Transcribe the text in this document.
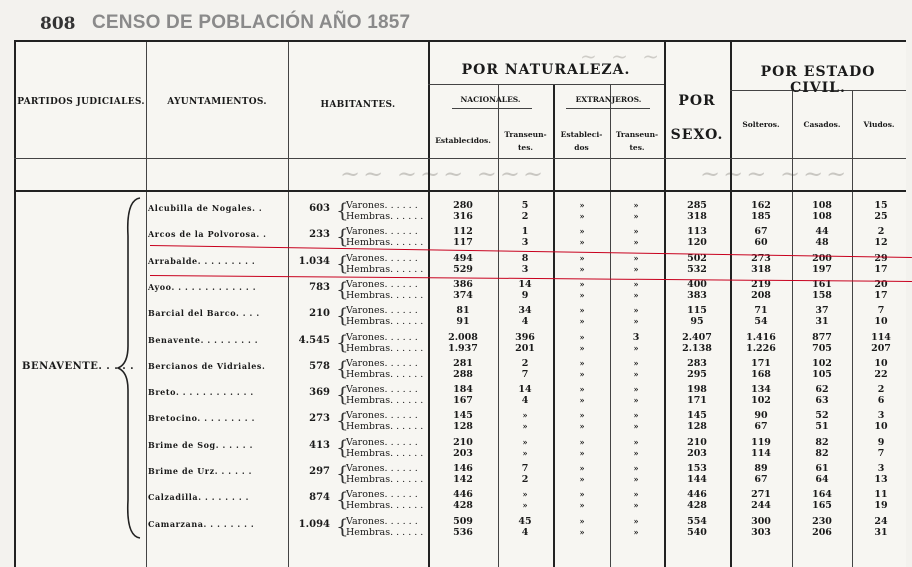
808 CENSO DE POBLACIÓN AÑO 1857
~~ ~~~ ~~~	~~~ ~~~
~ ~ ~
PARTIDOS JUDICIALES.	AYUNTAMIENTOS.	HABITANTES.
POR NATURALEZA.
NACIONALES.	EXTRANJEROS.
Establecidos.
Transeun-
tes.
Estableci-
dos
Transeun-
tes.
POR
SEXO.
POR ESTADO CIVIL.
Solteros.	Casados.	Viudos.
BENAVENTE. . . . .
Alcubilla de Nogales. .	603 {
Varones. . . . . .
Hembras. . . . . .
280	5	»	»	285	162	108	15
316	2	»	»	318	185	108	25
Arcos de la Polvorosa. .	233 {
Varones. . . . . .
Hembras. . . . . .
112	1	»	»	113	67	44	2
117	3	»	»	120	60	48	12
Arrabalde. . . . . . . . .	1.034 {
Varones. . . . . .
Hembras. . . . . .
494	8	»	»	502	273	200	29
529	3	»	»	532	318	197	17
Ayoo. . . . . . . . . . . . .	783 {
Varones. . . . . .
Hembras. . . . . .
386	14	»	»	400	219	161	20
374	9	»	»	383	208	158	17
Barcial del Barco. . . .	210 {
Varones. . . . . .
Hembras. . . . . .
81	34	»	»	115	71	37	7
91	4	»	»	95	54	31	10
Benavente. . . . . . . . .	4.545 {
Varones. . . . . .
Hembras. . . . . .
2.008	396	»	3	2.407	1.416	877	114
1.937	201	»	»	2.138	1.226	705	207
Bercianos de Vidriales.	578 {
Varones. . . . . .
Hembras. . . . . .
281	2	»	»	283	171	102	10
288	7	»	»	295	168	105	22
Breto. . . . . . . . . . . .	369 {
Varones. . . . . .
Hembras. . . . . .
184	14	»	»	198	134	62	2
167	4	»	»	171	102	63	6
Bretocino. . . . . . . . .	273 {
Varones. . . . . .
Hembras. . . . . .
145	»	»	»	145	90	52	3
128	»	»	»	128	67	51	10
Brime de Sog. . . . . .	413 {
Varones. . . . . .
Hembras. . . . . .
210	»	»	»	210	119	82	9
203	»	»	»	203	114	82	7
Brime de Urz. . . . . .	297 {
Varones. . . . . .
Hembras. . . . . .
146	7	»	»	153	89	61	3
142	2	»	»	144	67	64	13
Calzadilla. . . . . . . .	874 {
Varones. . . . . .
Hembras. . . . . .
446	»	»	»	446	271	164	11
428	»	»	»	428	244	165	19
Camarzana. . . . . . . .	1.094 {
Varones. . . . . .
Hembras. . . . . .
509	45	»	»	554	300	230	24
536	4	»	»	540	303	206	31
